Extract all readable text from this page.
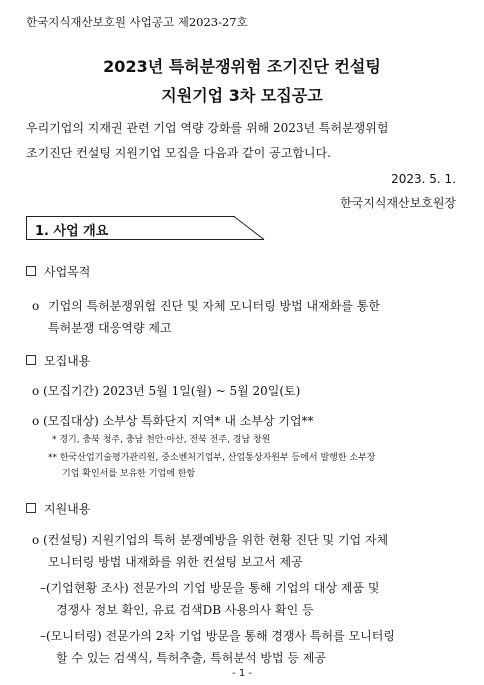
한국지식재산보호원 사업공고 제2023-27호
2023년 특허분쟁위험 조기진단 컨설팅
지원기업 3차 모집공고
우리기업의 지재권 관련 기업 역량 강화를 위해 2023년 특허분쟁위험
조기진단 컨설팅 지원기업 모집을 다음과 같이 공고합니다.
2023. 5. 1.
한국지식재산보호원장
1. 사업 개요
사업목적
o 기업의 특허분쟁위험 진단 및 자체 모니터링 방법 내재화를 통한
특허분쟁 대응역량 제고
모집내용
o (모집기간) 2023년 5월 1일(월) ~ 5월 20일(토)
o (모집대상) 소부상 특화단지 지역* 내 소부상 기업**
* 경기, 충북 청주, 충남 천안·아산, 전북 전주, 경남 창원
** 한국산업기술평가관리원, 중소벤처기업부, 산업통상자원부 등에서 발행한 소부장
기업 확인서를 보유한 기업에 한함
지원내용
o (컨설팅) 지원기업의 특허 분쟁예방을 위한 현황 진단 및 기업 자체
모니터링 방법 내재화를 위한 컨설팅 보고서 제공
–(기업현황 조사) 전문가의 기업 방문을 통해 기업의 대상 제품 및
경쟁사 정보 확인, 유료 검색DB 사용의사 확인 등
–(모니터링) 전문가의 2차 기업 방문을 통해 경쟁사 특허를 모니터링
할 수 있는 검색식, 특허추출, 특허분석 방법 등 제공
- 1 -
